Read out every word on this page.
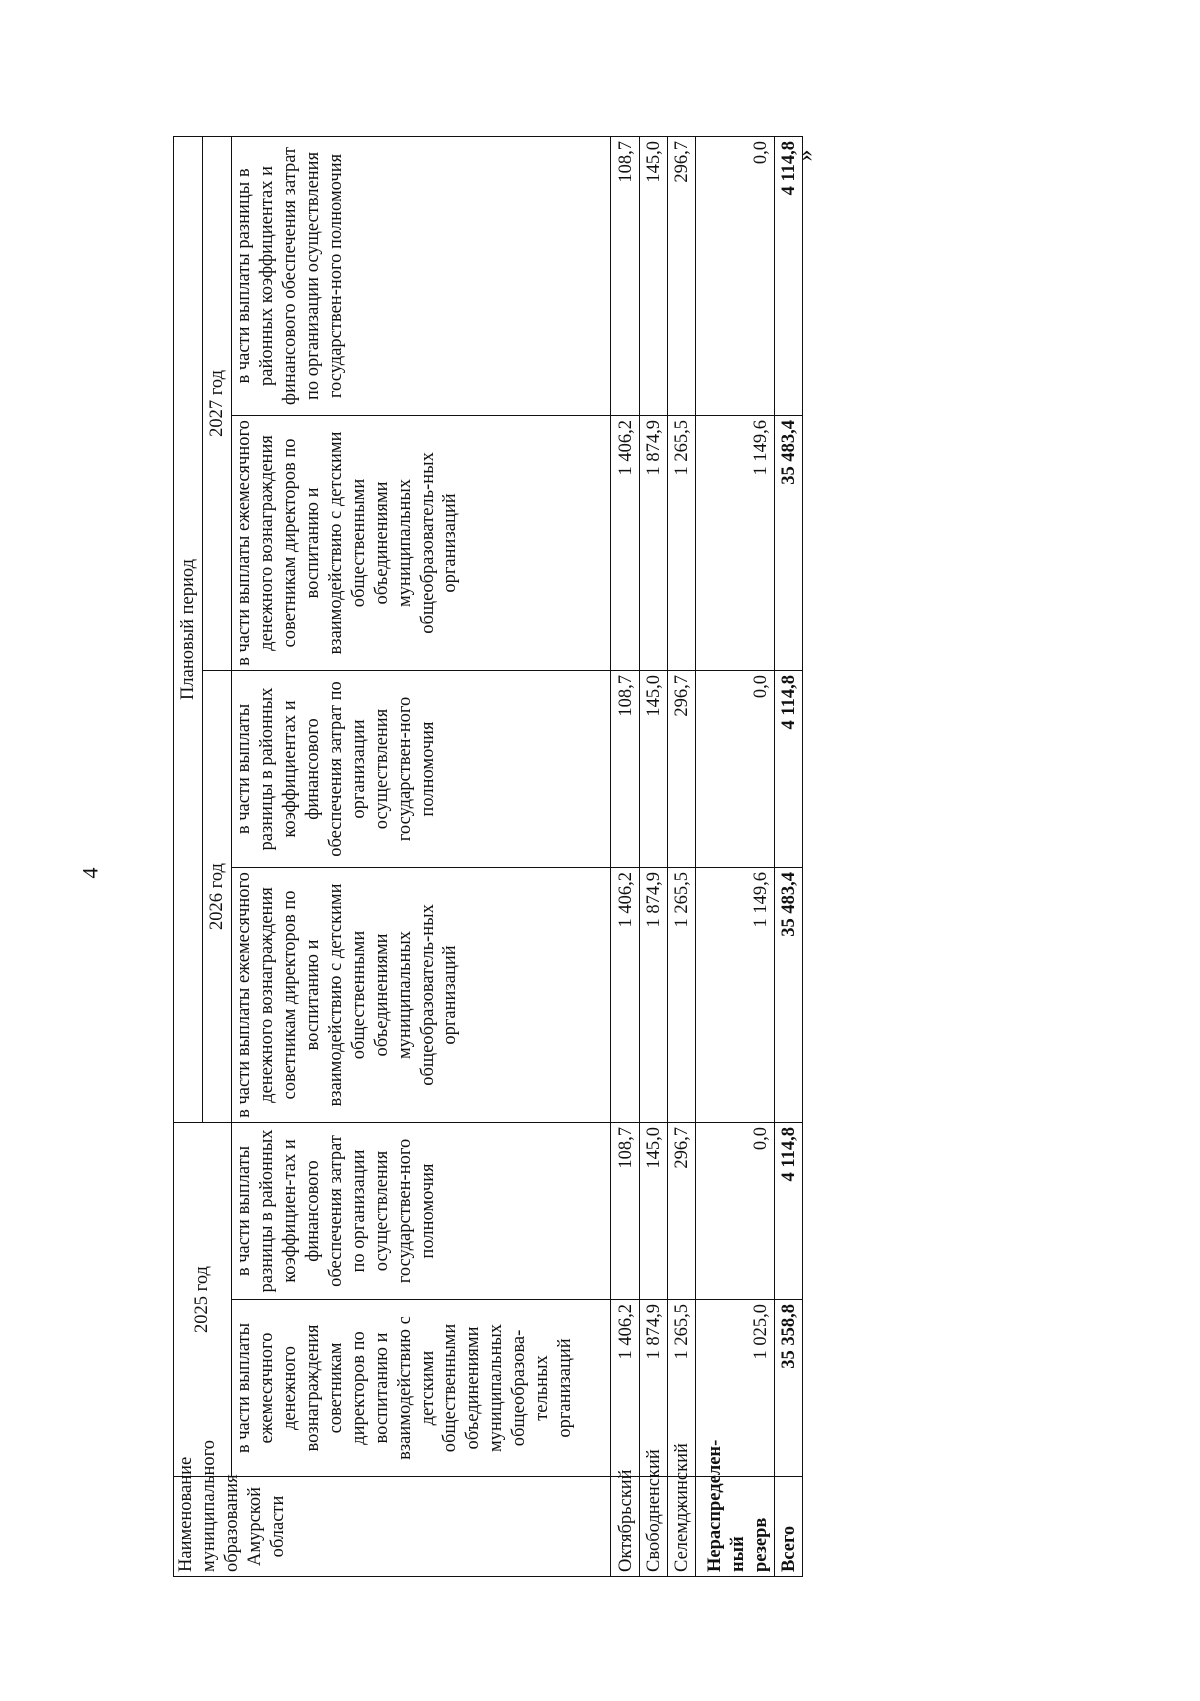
4
»
Наименование муниципального образования Амурской области	2025 год		Плановый период			
			2026 год		2027 год	
	в части выплаты ежемесячного денежного вознаграждения советникам директоров по воспитанию и взаимодействию с детскими общественными объединениями муниципальных общеобразова-тельных организаций	в части выплаты разницы в районных коэффициен-тах и финансового обеспечения затрат по организации осуществления государствен-ного полномочия	в части выплаты ежемесячного денежного вознаграждения советникам директоров по воспитанию и взаимодействию с детскими общественными объединениями муниципальных общеобразователь-ных организаций	в части выплаты разницы в районных коэффициентах и финансового обеспечения затрат по организации осуществления государствен-ного полномочия	в части выплаты ежемесячного денежного вознаграждения советникам директоров по воспитанию и взаимодействию с детскими общественными объединениями муниципальных общеобразователь-ных организаций	в части выплаты разницы в районных коэффициентах и финансового обеспечения затрат по организации осуществления государствен-ного полномочия
Октябрьский	1 406,2	108,7	1 406,2	108,7	1 406,2	108,7
Свободненский	1 874,9	145,0	1 874,9	145,0	1 874,9	145,0
Селемджинский	1 265,5	296,7	1 265,5	296,7	1 265,5	296,7
Нераспределен-ный резерв	1 025,0	0,0	1 149,6	0,0	1 149,6	0,0
Всего	35 358,8	4 114,8	35 483,4	4 114,8	35 483,4	4 114,8
